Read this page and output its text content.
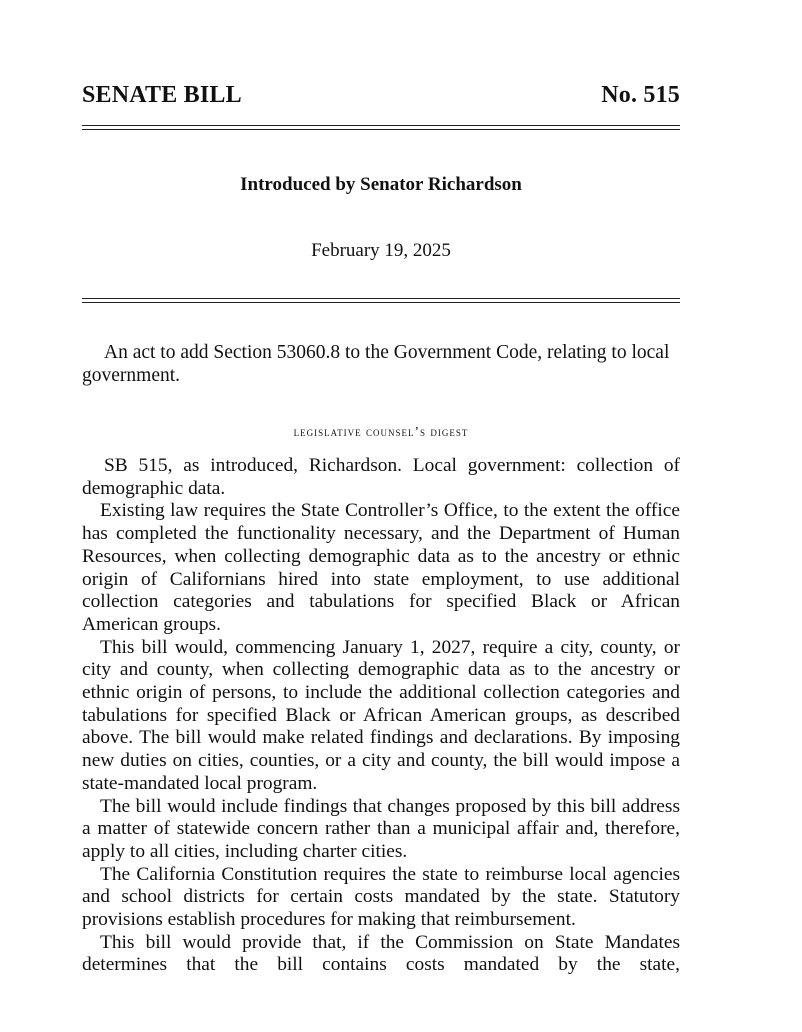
SENATE BILL	No. 515
Introduced by Senator Richardson
February 19, 2025
An act to add Section 53060.8 to the Government Code, relating to local government.
legislative counsel’s digest

SB 515, as introduced, Richardson. Local government: collection of demographic data.

Existing law requires the State Controller’s Office, to the extent the office has completed the functionality necessary, and the Department of Human Resources, when collecting demographic data as to the ancestry or ethnic origin of Californians hired into state employment, to use additional collection categories and tabulations for specified Black or African American groups.

This bill would, commencing January 1, 2027, require a city, county, or city and county, when collecting demographic data as to the ancestry or ethnic origin of persons, to include the additional collection categories and tabulations for specified Black or African American groups, as described above. The bill would make related findings and declarations. By imposing new duties on cities, counties, or a city and county, the bill would impose a state-mandated local program.

The bill would include findings that changes proposed by this bill address a matter of statewide concern rather than a municipal affair and, therefore, apply to all cities, including charter cities.

The California Constitution requires the state to reimburse local agencies and school districts for certain costs mandated by the state. Statutory provisions establish procedures for making that reimbursement.

This bill would provide that, if the Commission on State Mandates determines that the bill contains costs mandated by the state,
